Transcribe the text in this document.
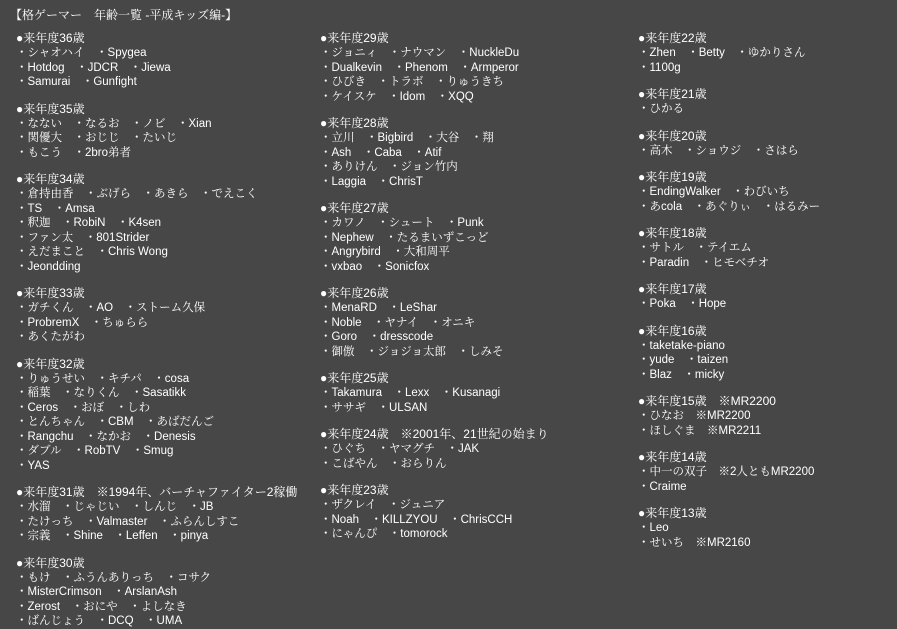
【格ゲーマー　年齢一覧 -平成キッズ編-】
●来年度36歳
・シャオハイ　・Spygea
・Hotdog　・JDCR　・Jiewa
・Samurai　・Gunfight
●来年度35歳
・なない　・なるお　・ノビ　・Xian
・関優大　・おじじ　・たいじ
・もこう　・2bro弟者
●来年度34歳
・倉持由香　・ぶげら　・あきら　・でえこく
・TS　・Amsa
・釈迦　・RobiN　・K4sen
・ファン太　・801Strider
・えだまこと　・Chris Wong
・Jeondding
●来年度33歳
・ガチくん　・AO　・ストーム久保
・ProbremX　・ちゅらら
・あくたがわ
●来年度32歳
・りゅうせい　・キチパ　・cosa
・稲葉　・なりくん　・Sasatikk
・Ceros　・おぼ　・しわ
・とんちゃん　・CBM　・あばだんご
・Rangchu　・なかお　・Denesis
・ダブル　・RobTV　・Smug
・YAS
●来年度31歳　※1994年、バーチャファイター2稼働
・水溜　・じゃじい　・しんじ　・JB
・たけっち　・Valmaster　・ふらんしすこ
・宗義　・Shine　・Leffen　・pinya
●来年度30歳
・もけ　・ふうんありっち　・コサク
・MisterCrimson　・ArslanAsh
・Zerost　・おにや　・よしなき
・ばんじょう　・DCQ　・UMA
●来年度29歳
・ジョニィ　・ナウマン　・NuckleDu
・Dualkevin　・Phenom　・Armperor
・ひびき　・トラボ　・りゅうきち
・ケイスケ　・Idom　・XQQ
●来年度28歳
・立川　・Bigbird　・大谷　・翔
・Ash　・Caba　・Atif
・ありけん　・ジョン竹内
・Laggia　・ChrisT
●来年度27歳
・カワノ　・シュート　・Punk
・Nephew　・たるまいずこっど
・Angrybird　・大和周平
・vxbao　・Sonicfox
●来年度26歳
・MenaRD　・LeShar
・Noble　・ヤナイ　・オニキ
・Goro　・dresscode
・御傲　・ジョジョ太郎　・しみそ
●来年度25歳
・Takamura　・Lexx　・Kusanagi
・ササギ　・ULSAN
●来年度24歳　※2001年、21世紀の始まり
・ひぐち　・ヤマグチ　・JAK
・こばやん　・おらりん
●来年度23歳
・ザクレイ　・ジュニア
・Noah　・KILLZYOU　・ChrisCCH
・にゃんぴ　・tomorock
●来年度22歳
・Zhen　・Betty　・ゆかりさん
・1100g
●来年度21歳
・ひかる
●来年度20歳
・高木　・ショウジ　・さはら
●来年度19歳
・EndingWalker　・わびいち
・あcola　・あぐりぃ　・はるみー
●来年度18歳
・サトル　・テイエム
・Paradin　・ヒモベチオ
●来年度17歳
・Poka　・Hope
●来年度16歳
・taketake-piano
・yude　・taizen
・Blaz　・micky
●来年度15歳　※MR2200
・ひなお　※MR2200
・ほしぐま　※MR2211
●来年度14歳
・中一の双子　※2人ともMR2200
・Craime
●来年度13歳
・Leo
・せいち　※MR2160
